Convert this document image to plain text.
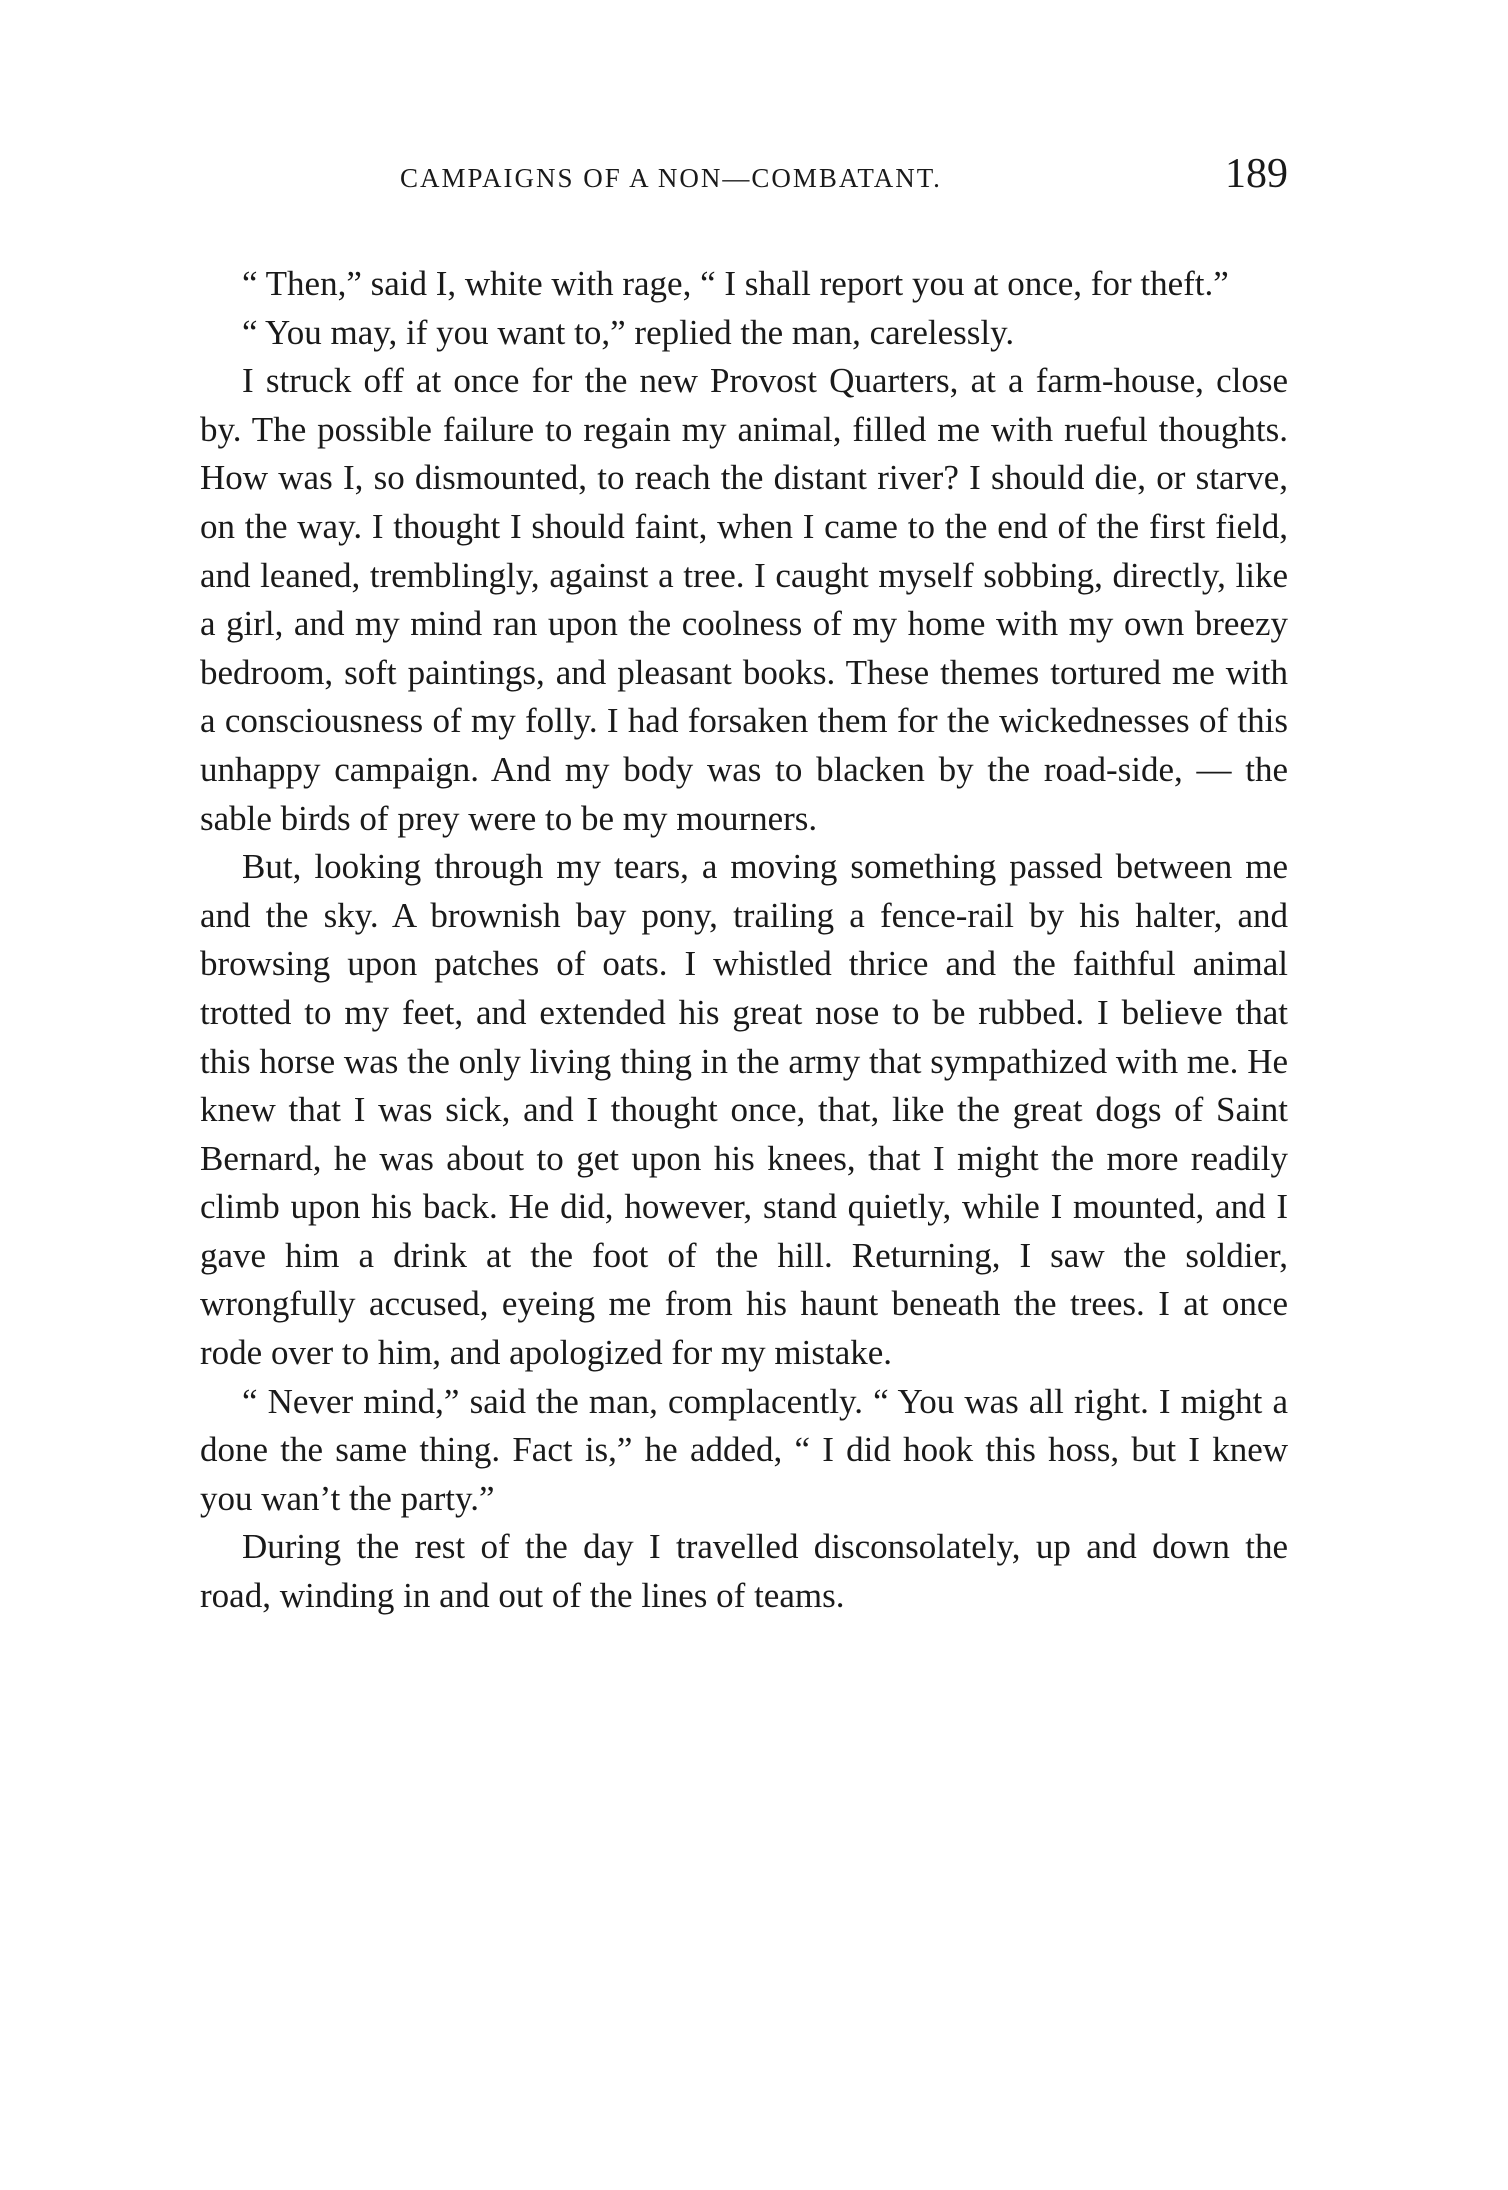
CAMPAIGNS OF A NON—COMBATANT.	189

“ Then,” said I, white with rage, “ I shall report you at once, for theft.”

“ You may, if you want to,” replied the man, carelessly.

I struck off at once for the new Provost Quarters, at a farm-house, close by. The possible failure to regain my animal, filled me with rueful thoughts. How was I, so dismounted, to reach the distant river? I should die, or starve, on the way. I thought I should faint, when I came to the end of the first field, and leaned, tremblingly, against a tree. I caught myself sobbing, directly, like a girl, and my mind ran upon the coolness of my home with my own breezy bedroom, soft paintings, and pleasant books. These themes tortured me with a consciousness of my folly. I had forsaken them for the wickednesses of this unhappy campaign. And my body was to blacken by the road-side, — the sable birds of prey were to be my mourners.

But, looking through my tears, a moving something passed between me and the sky. A brownish bay pony, trailing a fence-rail by his halter, and browsing upon patches of oats. I whistled thrice and the faithful animal trotted to my feet, and extended his great nose to be rubbed. I believe that this horse was the only living thing in the army that sympathized with me. He knew that I was sick, and I thought once, that, like the great dogs of Saint Bernard, he was about to get upon his knees, that I might the more readily climb upon his back. He did, however, stand quietly, while I mounted, and I gave him a drink at the foot of the hill. Returning, I saw the soldier, wrongfully accused, eyeing me from his haunt beneath the trees. I at once rode over to him, and apologized for my mistake.

“ Never mind,” said the man, complacently. “ You was all right. I might a done the same thing. Fact is,” he added, “ I did hook this hoss, but I knew you wan’t the party.”

During the rest of the day I travelled disconsolately, up and down the road, winding in and out of the lines of teams.
